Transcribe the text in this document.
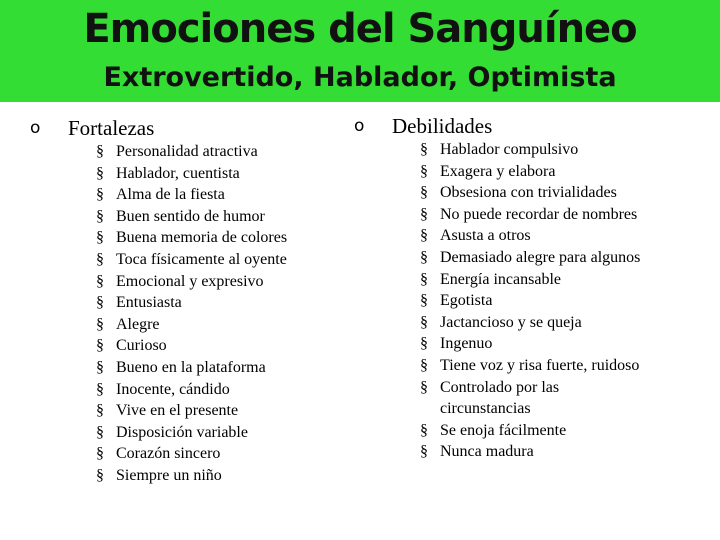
Emociones del Sanguíneo
Extrovertido, Hablador, Optimista
o Fortalezas
§ Personalidad atractiva
§ Hablador, cuentista
§ Alma de la fiesta
§ Buen sentido de humor
§ Buena memoria de colores
§ Toca físicamente al oyente
§ Emocional y expresivo
§ Entusiasta
§ Alegre
§ Curioso
§ Bueno en la plataforma
§ Inocente, cándido
§ Vive en el presente
§ Disposición variable
§ Corazón sincero
§ Siempre un niño
o Debilidades
§ Hablador compulsivo
§ Exagera y elabora
§ Obsesiona con trivialidades
§ No puede recordar de nombres
§ Asusta a otros
§ Demasiado alegre para algunos
§ Energía incansable
§ Egotista
§ Jactancioso y se queja
§ Ingenuo
§ Tiene voz y risa fuerte, ruidoso
§ Controlado por las
circunstancias
§ Se enoja fácilmente
§ Nunca madura
